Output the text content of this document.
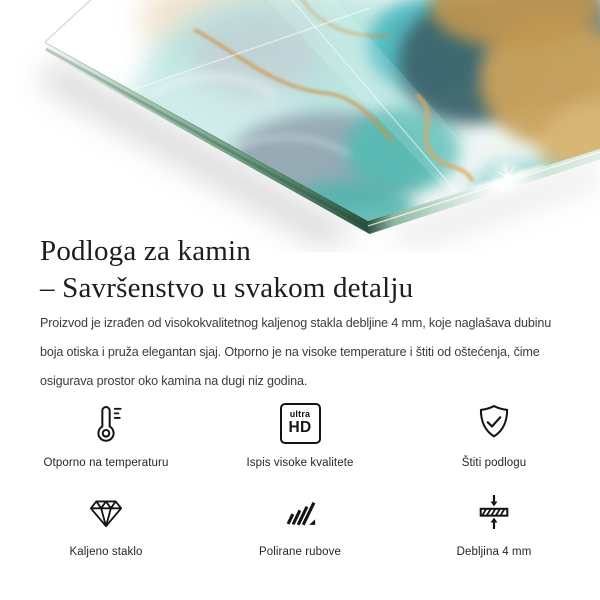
Podloga za kamin
– Savršenstvo u svakom detalju
Proizvod je izrađen od visokokvalitetnog kaljenog stakla debljine 4 mm, koje naglašava dubinu
boja otiska i pruža elegantan sjaj. Otporno je na visoke temperature i štiti od oštećenja, čime
osigurava prostor oko kamina na dugi niz godina.
Otporno na temperaturu
ultra
HD
Ispis visoke kvalitete	Štiti podlogu
Kaljeno staklo	Polirane rubove	Debljina 4 mm
